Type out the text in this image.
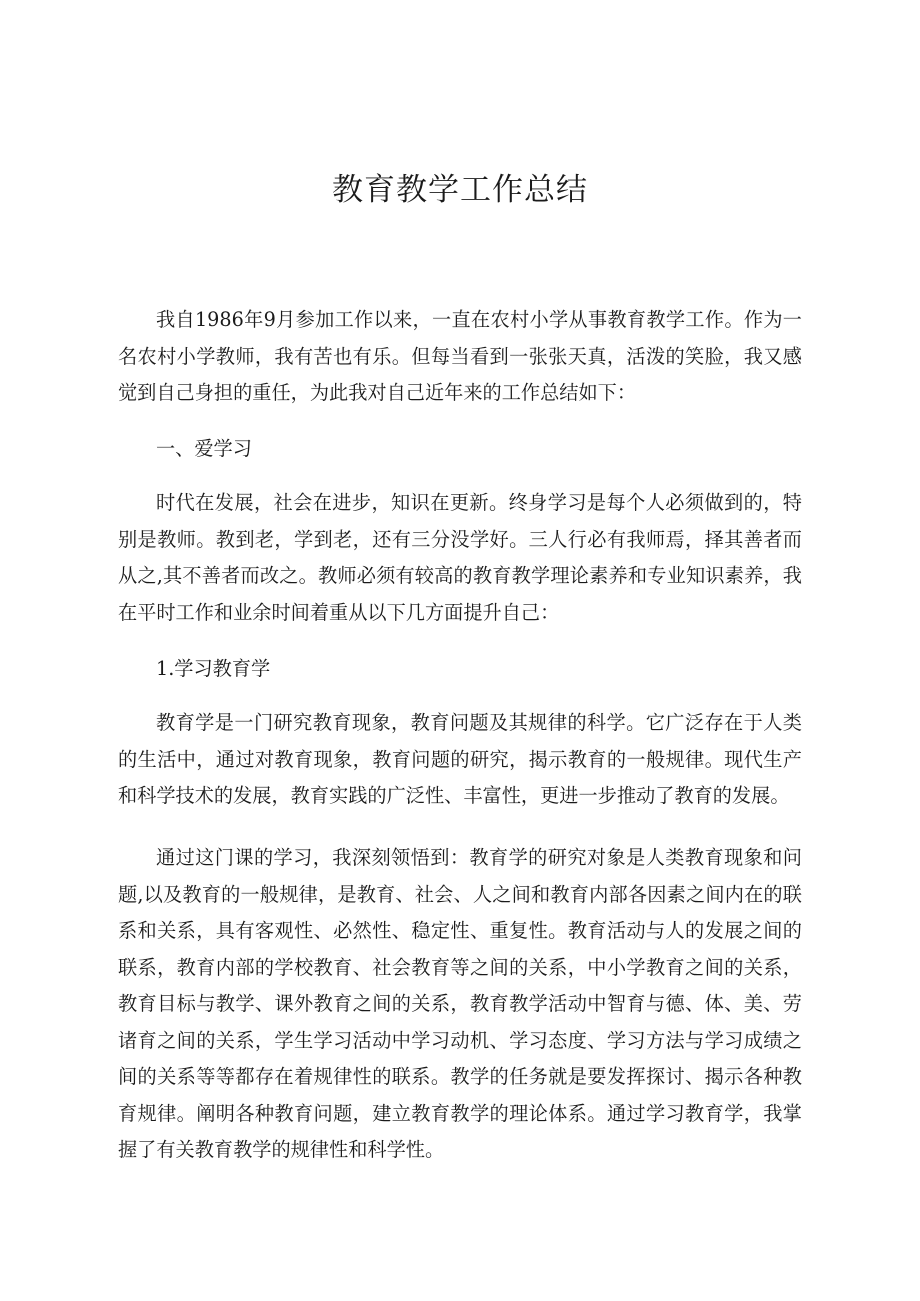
教育教学工作总结

我自1986年9月参加工作以来，一直在农村小学从事教育教学工作。作为一名农村小学教师，我有苦也有乐。但每当看到一张张天真，活泼的笑脸，我又感觉到自己身担的重任，为此我对自己近年来的工作总结如下：

一、爱学习

时代在发展，社会在进步，知识在更新。终身学习是每个人必须做到的，特别是教师。教到老，学到老，还有三分没学好。三人行必有我师焉，择其善者而从之,其不善者而改之。教师必须有较高的教育教学理论素养和专业知识素养，我在平时工作和业余时间着重从以下几方面提升自己：

1.学习教育学

教育学是一门研究教育现象，教育问题及其规律的科学。它广泛存在于人类的生活中，通过对教育现象，教育问题的研究，揭示教育的一般规律。现代生产和科学技术的发展，教育实践的广泛性、丰富性，更进一步推动了教育的发展。

通过这门课的学习，我深刻领悟到：教育学的研究对象是人类教育现象和问题,以及教育的一般规律，是教育、社会、人之间和教育内部各因素之间内在的联系和关系，具有客观性、必然性、稳定性、重复性。教育活动与人的发展之间的联系，教育内部的学校教育、社会教育等之间的关系，中小学教育之间的关系，教育目标与教学、课外教育之间的关系，教育教学活动中智育与德、体、美、劳诸育之间的关系，学生学习活动中学习动机、学习态度、学习方法与学习成绩之间的关系等等都存在着规律性的联系。教学的任务就是要发挥探讨、揭示各种教育规律。阐明各种教育问题，建立教育教学的理论体系。通过学习教育学，我掌握了有关教育教学的规律性和科学性。
